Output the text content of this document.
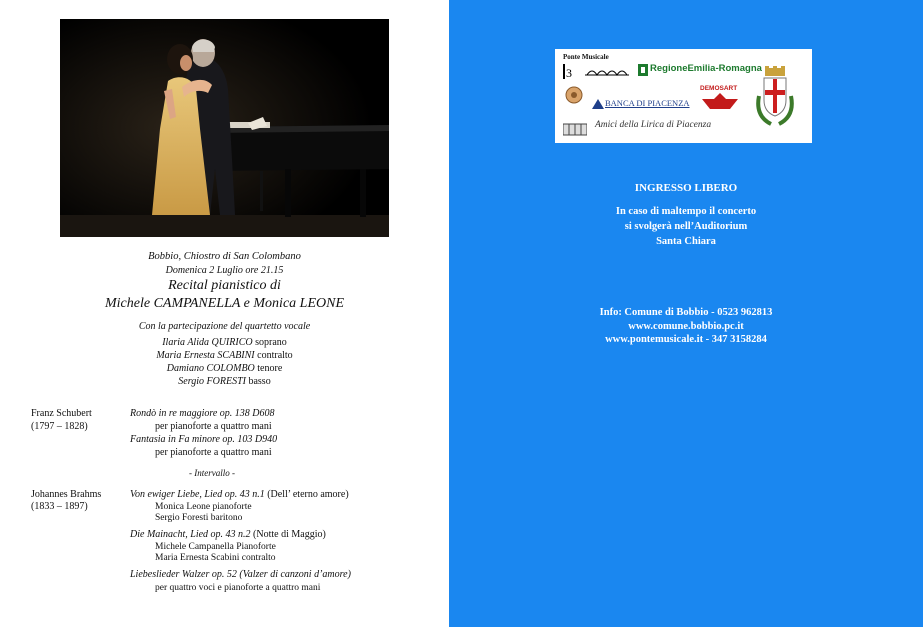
Bobbio, Chiostro di San Colombano
Domenica 2 Luglio ore 21.15
Recital pianistico di
Michele CAMPANELLA e Monica LEONE
Con la partecipazione del quartetto vocale
Ilaria Alida QUIRICO soprano
Maria Ernesta SCABINI contralto
Damiano COLOMBO tenore
Sergio FORESTI basso
Franz Schubert
(1797 – 1828)
Rondò in re maggiore op. 138 D608
per pianoforte a quattro mani
Fantasia in Fa minore op. 103 D940
per pianoforte a quattro mani
- Intervallo -
Johannes Brahms
(1833 – 1897)
Von ewiger Liebe, Lied op. 43 n.1 (Dell’ eterno amore)
Monica Leone pianoforte
Sergio Foresti baritono
Die Mainacht, Lied op. 43 n.2 (Notte di Maggio)
Michele Campanella Pianoforte
Maria Ernesta Scabini contralto
Liebeslieder Walzer op. 52 (Valzer di canzoni d’amore)
per quattro voci e pianoforte a quattro mani
Ponte Musicale
3	RegioneEmilia-Romagna
BANCA DI PIACENZA
DEMOSART
Amici della Lirica di Piacenza
INGRESSO LIBERO
In caso di maltempo il concerto
si svolgerà nell’Auditorium
Santa Chiara
Info: Comune di Bobbio - 0523 962813
www.comune.bobbio.pc.it
www.pontemusicale.it - 347 3158284
